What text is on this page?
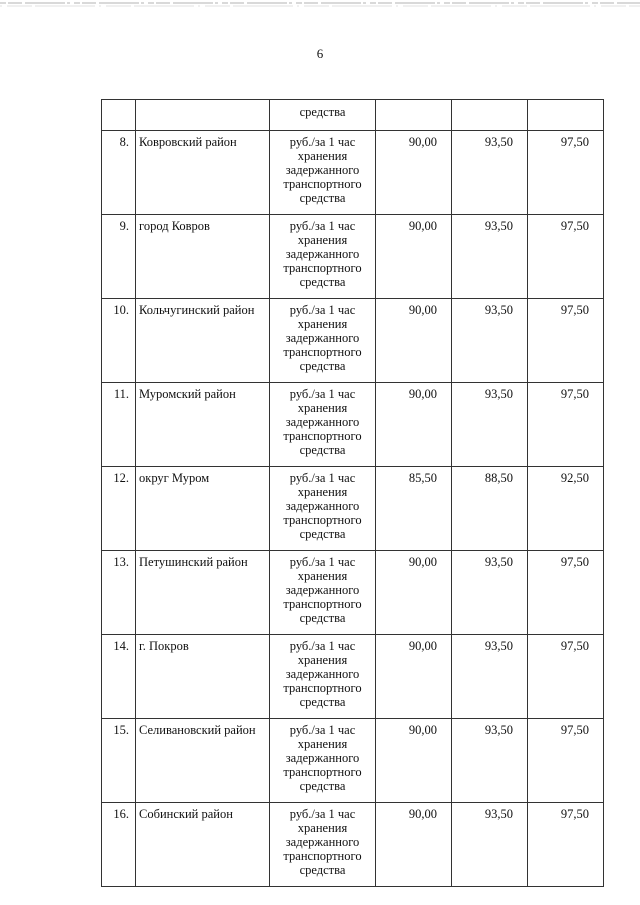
6
		средства			
8.	Ковровский район	руб./за 1 час
хранения
задержанного
транспортного
средства	90,00	93,50	97,50
9.	город Ковров	руб./за 1 час
хранения
задержанного
транспортного
средства	90,00	93,50	97,50
10.	Кольчугинский район	руб./за 1 час
хранения
задержанного
транспортного
средства	90,00	93,50	97,50
11.	Муромский район	руб./за 1 час
хранения
задержанного
транспортного
средства	90,00	93,50	97,50
12.	округ Муром	руб./за 1 час
хранения
задержанного
транспортного
средства	85,50	88,50	92,50
13.	Петушинский район	руб./за 1 час
хранения
задержанного
транспортного
средства	90,00	93,50	97,50
14.	г. Покров	руб./за 1 час
хранения
задержанного
транспортного
средства	90,00	93,50	97,50
15.	Селивановский район	руб./за 1 час
хранения
задержанного
транспортного
средства	90,00	93,50	97,50
16.	Собинский район	руб./за 1 час
хранения
задержанного
транспортного
средства	90,00	93,50	97,50
